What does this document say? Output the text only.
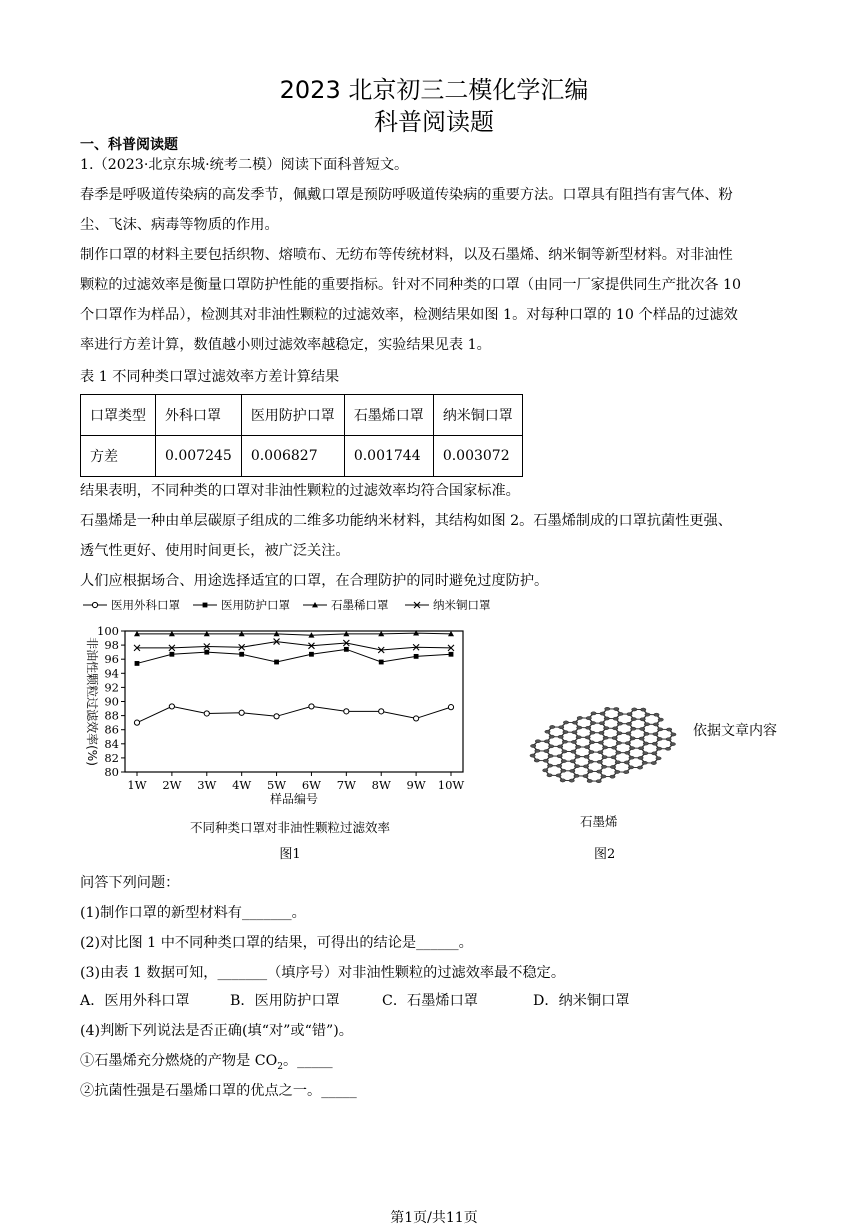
2023 北京初三二模化学汇编
科普阅读题
一、科普阅读题
1.（2023·北京东城·统考二模）阅读下面科普短文。
春季是呼吸道传染病的高发季节，佩戴口罩是预防呼吸道传染病的重要方法。口罩具有阻挡有害气体、粉
尘、飞沫、病毒等物质的作用。
制作口罩的材料主要包括织物、熔喷布、无纺布等传统材料，以及石墨烯、纳米铜等新型材料。对非油性
颗粒的过滤效率是衡量口罩防护性能的重要指标。针对不同种类的口罩（由同一厂家提供同生产批次各 10
个口罩作为样品），检测其对非油性颗粒的过滤效率，检测结果如图 1。对每种口罩的 10 个样品的过滤效
率进行方差计算，数值越小则过滤效率越稳定，实验结果见表 1。
表 1 不同种类口罩过滤效率方差计算结果
口罩类型	外科口罩	医用防护口罩	石墨烯口罩	纳米铜口罩
方差	0.007245	0.006827	0.001744	0.003072
结果表明，不同种类的口罩对非油性颗粒的过滤效率均符合国家标准。
石墨烯是一种由单层碳原子组成的二维多功能纳米材料，其结构如图 2。石墨烯制成的口罩抗菌性更强、
透气性更好、使用时间更长，被广泛关注。
人们应根据场合、用途选择适宜的口罩，在合理防护的同时避免过度防护。
医用外科口罩	医用防护口罩	石墨稀口罩	纳米铜口罩
80
82
84
86
88
90
92
94
96
98
100
1W 2W 3W 4W 5W 6W 7W 8W 9W 10W
样品编号
非油性颗粒过滤效率(%)
不同种类口罩对非油性颗粒过滤效率
图1
石墨烯
图2
依据文章内容
问答下列问题：
(1)制作口罩的新型材料有_______。
(2)对比图 1 中不同种类口罩的结果，可得出的结论是______。
(3)由表 1 数据可知，_______（填序号）对非油性颗粒的过滤效率最不稳定。
A．医用外科口罩	B．医用防护口罩	C．石墨烯口罩	D．纳米铜口罩
(4)判断下列说法是否正确(填“对”或“错”)。
①石墨烯充分燃烧的产物是 $CO_2$。_____
②抗菌性强是石墨烯口罩的优点之一。_____
第1页/共11页
